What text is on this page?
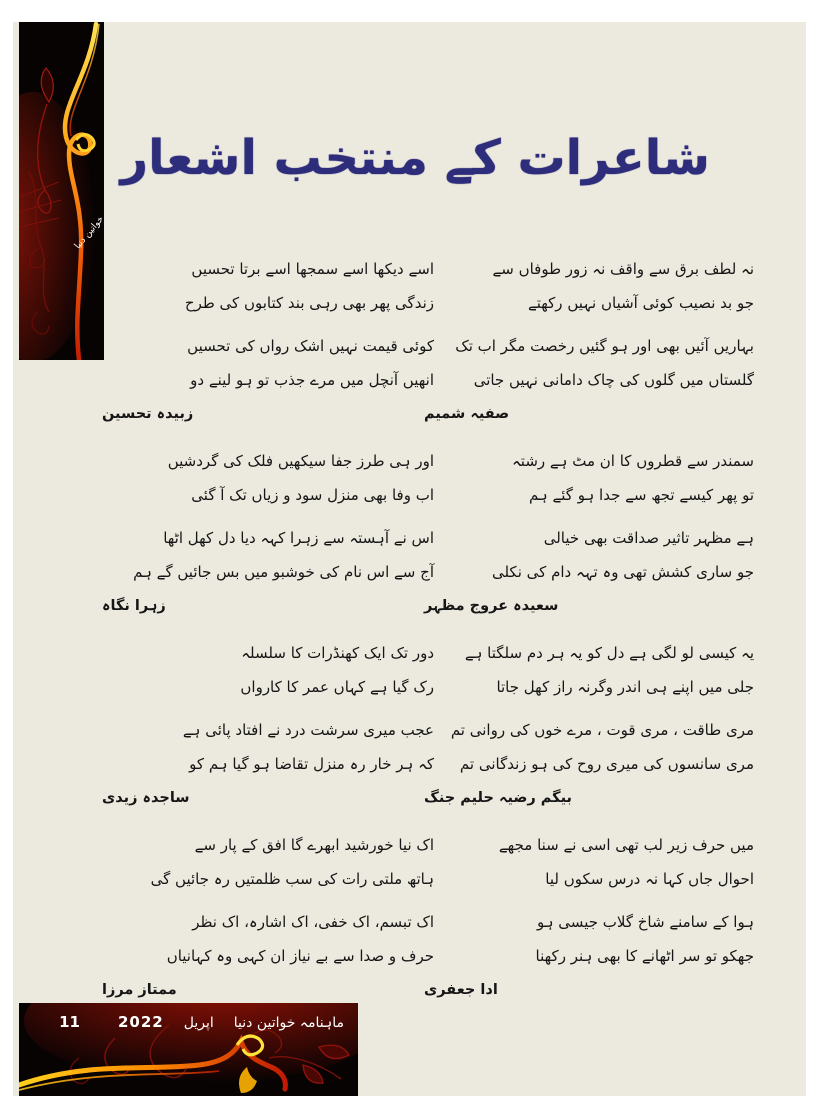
خواتین دنیا
شاعرات کے منتخب اشعار
نہ لطف برق سے واقف نہ زور طوفاں سے
جو بد نصیب کوئی آشیاں نہیں رکھتے
بہاریں آئیں بھی اور ہو گئیں رخصت مگر اب تک
گلستاں میں گلوں کی چاک دامانی نہیں جاتی
صفیہ شمیم
سمندر سے قطروں کا ان مٹ ہے رشتہ
تو پھر کیسے تجھ سے جدا ہو گئے ہم
ہے مظہر تاثیر صداقت بھی خیالی
جو ساری کشش تھی وہ تہہ دام کی نکلی
سعیدہ عروج مظہر
یہ کیسی لو لگی ہے دل کو یہ ہر دم سلگتا ہے
جلی میں اپنے ہی اندر وگرنہ راز کھل جاتا
مری طاقت ، مری قوت ، مرے خوں کی روانی تم
مری سانسوں کی میری روح کی ہو زندگانی تم
بیگم رضیہ حلیم جنگ
میں حرف زیر لب تھی اسی نے سنا مجھے
احوال جاں کہا نہ درس سکوں لیا
ہوا کے سامنے شاخ گلاب جیسی ہو
جھکو تو سر اٹھانے کا بھی ہنر رکھنا
ادا جعفری
اسے دیکھا اسے سمجھا اسے برتا تحسیں
زندگی پھر بھی رہی بند کتابوں کی طرح
کوئی قیمت نہیں اشک رواں کی تحسیں
انھیں آنچل میں مرے جذب تو ہو لینے دو
زبیدہ تحسین
اور ہی طرز جفا سیکھیں فلک کی گردشیں
اب وفا بھی منزل سود و زیاں تک آ گئی
اس نے آہستہ سے زہرا کہہ دیا دل کھل اٹھا
آج سے اس نام کی خوشبو میں بس جائیں گے ہم
زہرا نگاہ
دور تک ایک کھنڈرات کا سلسلہ
رک گیا ہے کہاں عمر کا کارواں
عجب میری سرشت درد نے افتاد پائی ہے
کہ ہر خار رہ منزل تقاضا ہو گیا ہم کو
ساجدہ زیدی
اک نیا خورشید ابھرے گا افق کے پار سے
ہاتھ ملتی رات کی سب ظلمتیں رہ جائیں گی
اک تبسم، اک خفی، اک اشارہ، اک نظر
حرف و صدا سے بے نیاز ان کہی وہ کہانیاں
ممتاز مرزا
ماہنامہ خواتین دنیا
اپریل
2022
11
